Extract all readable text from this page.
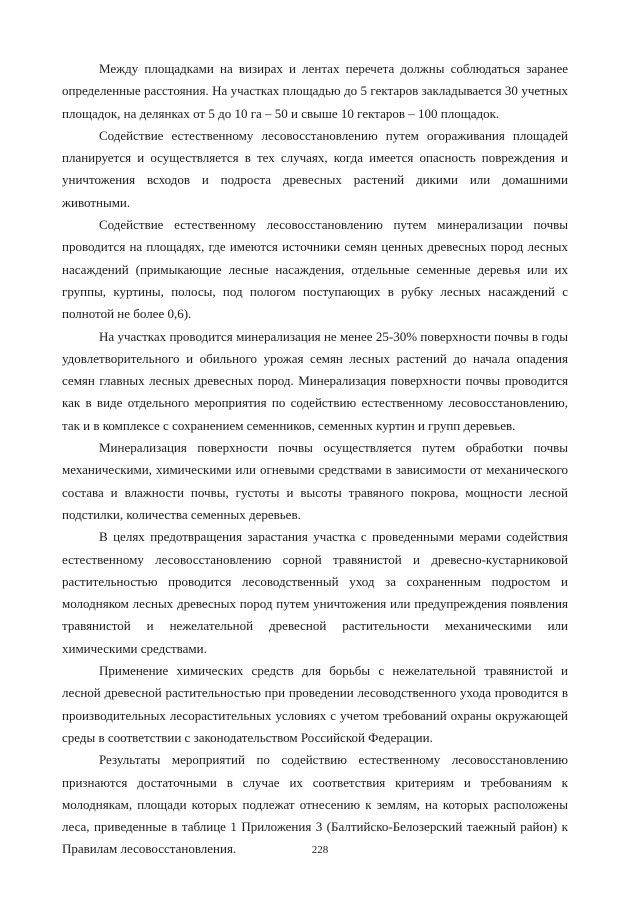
Между площадками на визирах и лентах перечета должны соблюдаться заранее определенные расстояния. На участках площадью до 5 гектаров закладывается 30 учетных площадок, на делянках от 5 до 10 га – 50 и свыше 10 гектаров – 100 площадок.

Содействие естественному лесовосстановлению путем огораживания площадей планируется и осуществляется в тех случаях, когда имеется опасность повреждения и уничтожения всходов и подроста древесных растений дикими или домашними животными.

Содействие естественному лесовосстановлению путем минерализации почвы проводится на площадях, где имеются источники семян ценных древесных пород лесных насаждений (примыкающие лесные насаждения, отдельные семенные деревья или их группы, куртины, полосы, под пологом поступающих в рубку лесных насаждений с полнотой не более 0,6).

На участках проводится минерализация не менее 25-30% поверхности почвы в годы удовлетворительного и обильного урожая семян лесных растений до начала опадения семян главных лесных древесных пород. Минерализация поверхности почвы проводится как в виде отдельного мероприятия по содействию естественному лесовосстановлению, так и в комплексе с сохранением семенников, семенных куртин и групп деревьев.

Минерализация поверхности почвы осуществляется путем обработки почвы механическими, химическими или огневыми средствами в зависимости от механического состава и влажности почвы, густоты и высоты травяного покрова, мощности лесной подстилки, количества семенных деревьев.

В целях предотвращения зарастания участка с проведенными мерами содействия естественному лесовосстановлению сорной травянистой и древесно-кустарниковой растительностью проводится лесоводственный уход за сохраненным подростом и молодняком лесных древесных пород путем уничтожения или предупреждения появления травянистой и нежелательной древесной растительности механическими или химическими средствами.

Применение химических средств для борьбы с нежелательной травянистой и лесной древесной растительностью при проведении лесоводственного ухода проводится в производительных лесорастительных условиях с учетом требований охраны окружающей среды в соответствии с законодательством Российской Федерации.

Результаты мероприятий по содействию естественному лесовосстановлению признаются достаточными в случае их соответствия критериям и требованиям к молоднякам, площади которых подлежат отнесению к землям, на которых расположены леса, приведенные в таблице 1 Приложения 3 (Балтийско-Белозерский таежный район) к Правилам лесовосстановления.	228
